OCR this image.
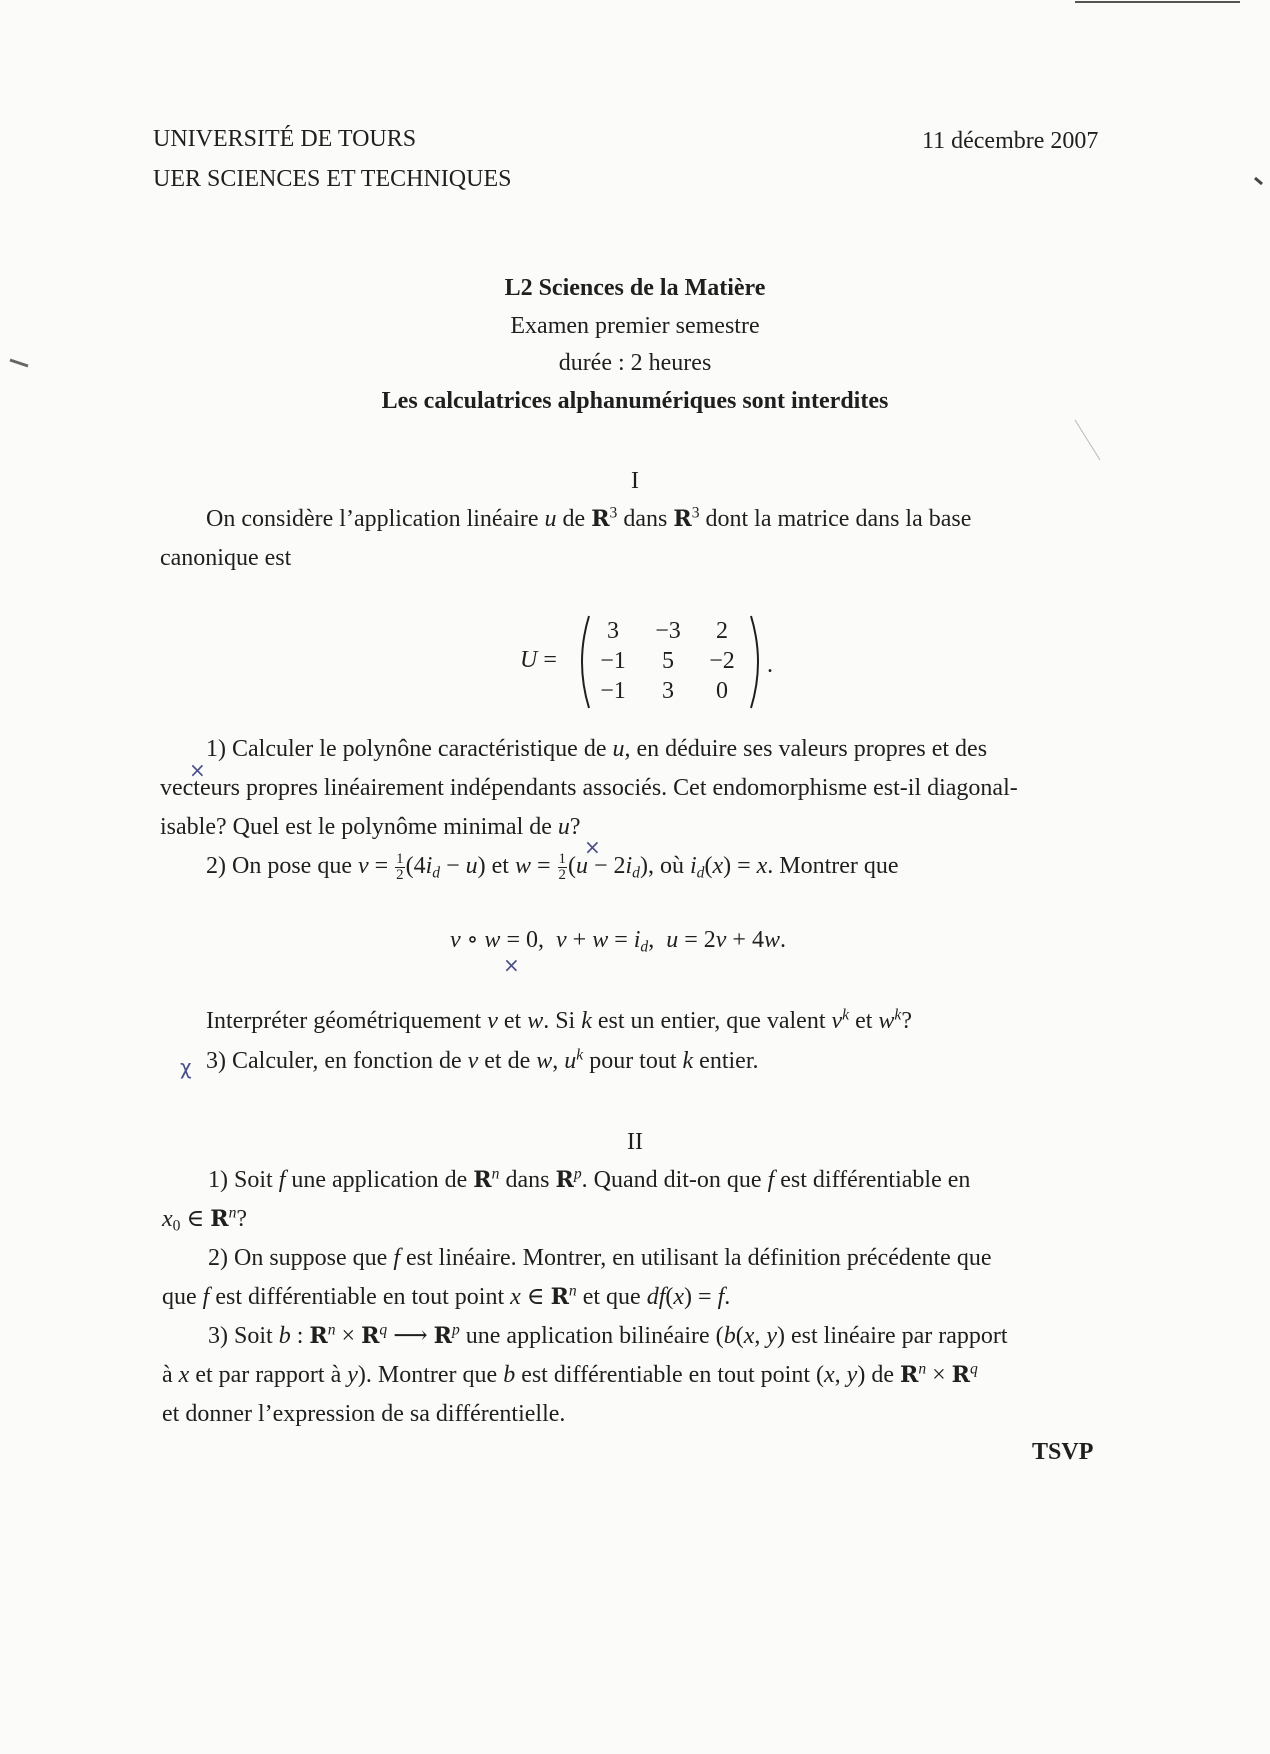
UNIVERSITÉ DE TOURS
UER SCIENCES ET TECHNIQUES
11 décembre 2007
L2 Sciences de la Matière
Examen premier semestre
durée : 2 heures
Les calculatrices alphanumériques sont interdites
I
On considère l’application linéaire u de $R^3$ dans $R^3$ dont la matrice dans la base
canonique est
U =
3	−3	2
−1	5	−2
−1	3	0
.
1) Calculer le polynône caractéristique de u, en déduire ses valeurs propres et des
vecteurs propres linéairement indépendants associés. Cet endomorphisme est-il diagonal-
isable? Quel est le polynôme minimal de u?
2) On pose que $v = \frac{1}{2} (4i_d - u)$ et $w = \frac{1}{2} (u - 2i_d)$, où $i_d(x) = x$. Montrer que
v ∘ w = 0,  $v + w = i_d$,  u = 2v + 4w.
Interpréter géométriquement v et w. Si k est un entier, que valent $v^k$ et $w^k$?
3) Calculer, en fonction de v et de w, $u^k$ pour tout k entier.
II
1) Soit f une application de $R^n$ dans $R^p$. Quand dit-on que f est différentiable en
$x_0$ ∈ $R^n$?
2) On suppose que f est linéaire. Montrer, en utilisant la définition précédente que
que f est différentiable en tout point x ∈ $R^n$ et que df(x) = f.
3) Soit b : $R^n \times R^q$ ⟶ $R^p$ une application bilinéaire (b(x, y) est linéaire par rapport
à x et par rapport à y). Montrer que b est différentiable en tout point (x, y) de $R^n \times R^q$
et donner l’expression de sa différentielle.
TSVP
×
×
×
χ
